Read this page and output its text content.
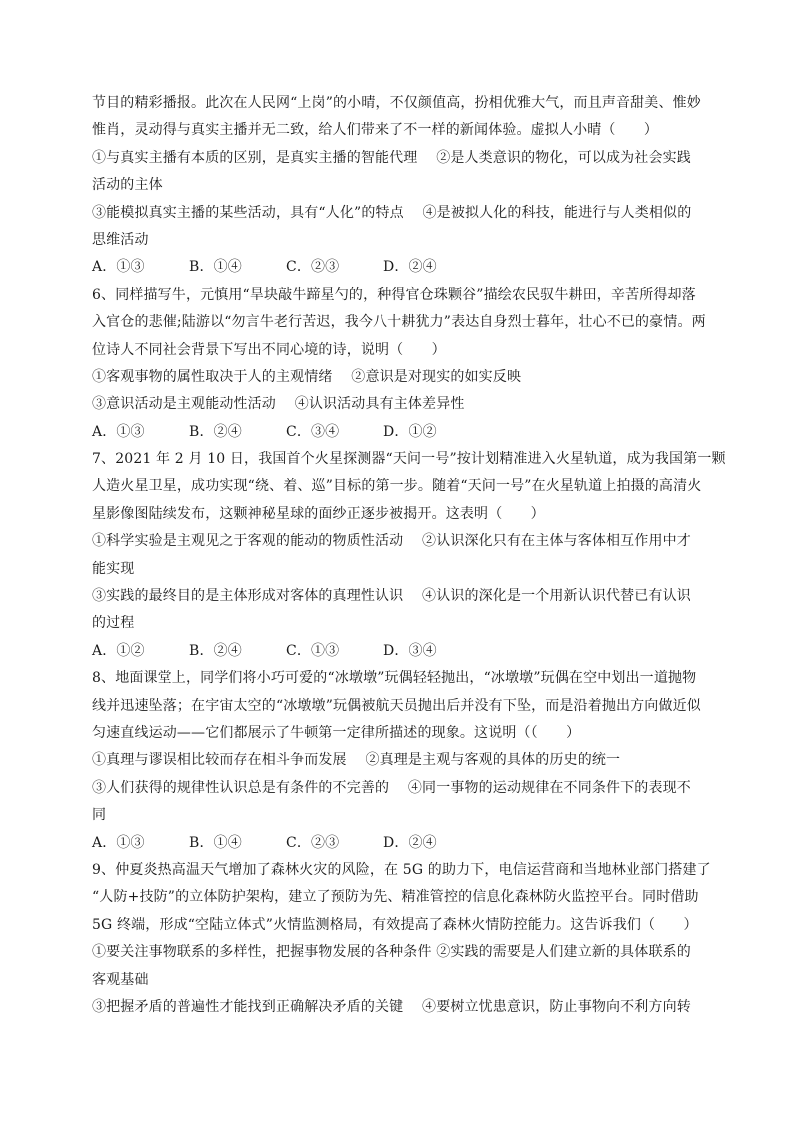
节目的精彩播报。此次在人民网“上岗”的小晴，不仅颜值高，扮相优雅大气，而且声音甜美、惟妙
惟肖，灵动得与真实主播并无二致，给人们带来了不一样的新闻体验。虚拟人小晴（　　）
①与真实主播有本质的区别，是真实主播的智能代理　 ②是人类意识的物化，可以成为社会实践
活动的主体
③能模拟真实主播的某些活动，具有“人化”的特点　 ④是被拟人化的科技，能进行与人类相似的
思维活动
A．①③	B．①④	C．②③	D．②④
6、同样描写牛，元慎用“旱块敲牛蹄星勺的，种得官仓珠颗谷”描绘农民驭牛耕田，辛苦所得却落
入官仓的悲催;陆游以“勿言牛老行苦迟，我今八十耕犹力”表达自身烈士暮年，壮心不已的豪情。两
位诗人不同社会背景下写出不同心境的诗，说明（　　）
①客观事物的属性取决于人的主观情绪　 ②意识是对现实的如实反映
③意识活动是主观能动性活动　 ④认识活动具有主体差异性
A．①③	B．②④	C．③④	D．①②
7、2021 年 2 月 10 日，我国首个火星探测器“天问一号”按计划精准进入火星轨道，成为我国第一颗
人造火星卫星，成功实现“绕、着、巡”目标的第一步。随着“天问一号”在火星轨道上拍摄的高清火
星影像图陆续发布，这颗神秘星球的面纱正逐步被揭开。这表明（　　）
①科学实验是主观见之于客观的能动的物质性活动　 ②认识深化只有在主体与客体相互作用中才
能实现
③实践的最终目的是主体形成对客体的真理性认识　 ④认识的深化是一个用新认识代替已有认识
的过程
A．①②	B．②④	C．①③	D．③④
8、地面课堂上，同学们将小巧可爱的“冰墩墩”玩偶轻轻抛出，“冰墩墩”玩偶在空中划出一道抛物
线并迅速坠落；在宇宙太空的“冰墩墩”玩偶被航天员抛出后并没有下坠，而是沿着抛出方向做近似
匀速直线运动——它们都展示了牛顿第一定律所描述的现象。这说明（（　　）
①真理与谬误相比较而存在相斗争而发展　 ②真理是主观与客观的具体的历史的统一
③人们获得的规律性认识总是有条件的不完善的　 ④同一事物的运动规律在不同条件下的表现不
同
A．①③	B．①④	C．②③	D．②④
9、仲夏炎热高温天气增加了森林火灾的风险，在 5G 的助力下，电信运营商和当地林业部门搭建了
“人防+技防”的立体防护架构，建立了预防为先、精准管控的信息化森林防火监控平台。同时借助
5G 终端，形成“空陆立体式”火情监测格局，有效提高了森林火情防控能力。这告诉我们（　　）
①要关注事物联系的多样性，把握事物发展的各种条件 ②实践的需要是人们建立新的具体联系的
客观基础
③把握矛盾的普遍性才能找到正确解决矛盾的关键　 ④要树立忧患意识，防止事物向不利方向转
